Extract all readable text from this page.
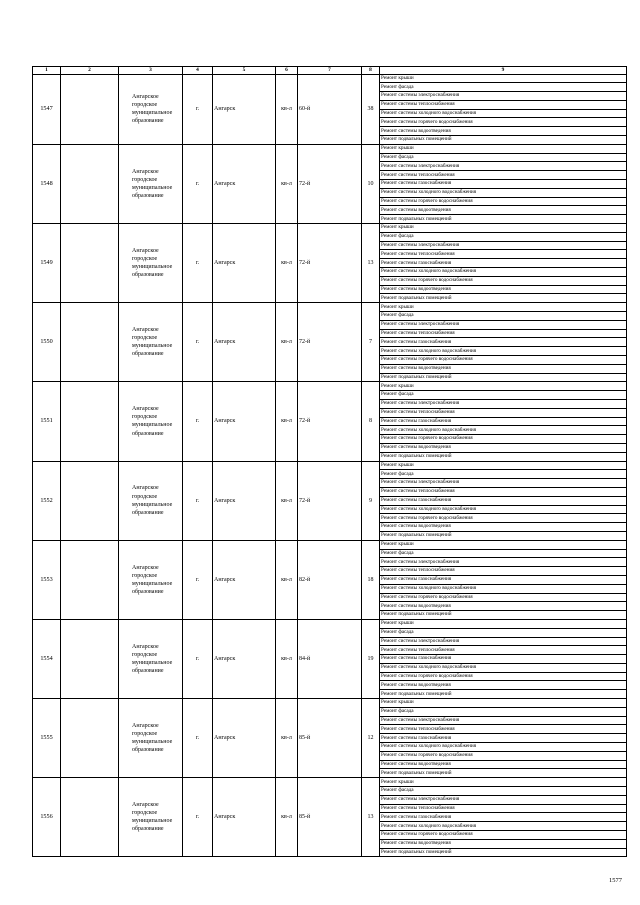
1	2	3	4	5	6	7	8	9
1547		Ангарское городское муниципальное образование	г.	Ангарск	кв-л	60-й	38	Ремонт крыши
								Ремонт фасада
								Ремонт системы электроснабжения
								Ремонт системы теплоснабжения
								Ремонт системы холодного водоснабжения
								Ремонт системы горячего водоснабжения
								Ремонт системы водоотведения
								Ремонт подвальных помещений
1548		Ангарское городское муниципальное образование	г.	Ангарск	кв-л	72-й	10	Ремонт крыши
								Ремонт фасада
								Ремонт системы электроснабжения
								Ремонт системы теплоснабжения
								Ремонт системы газоснабжения
								Ремонт системы холодного водоснабжения
								Ремонт системы горячего водоснабжения
								Ремонт системы водоотведения
								Ремонт подвальных помещений
1549		Ангарское городское муниципальное образование	г.	Ангарск	кв-л	72-й	13	Ремонт крыши
								Ремонт фасада
								Ремонт системы электроснабжения
								Ремонт системы теплоснабжения
								Ремонт системы газоснабжения
								Ремонт системы холодного водоснабжения
								Ремонт системы горячего водоснабжения
								Ремонт системы водоотведения
								Ремонт подвальных помещений
1550		Ангарское городское муниципальное образование	г.	Ангарск	кв-л	72-й	7	Ремонт крыши
								Ремонт фасада
								Ремонт системы электроснабжения
								Ремонт системы теплоснабжения
								Ремонт системы газоснабжения
								Ремонт системы холодного водоснабжения
								Ремонт системы горячего водоснабжения
								Ремонт системы водоотведения
								Ремонт подвальных помещений
1551		Ангарское городское муниципальное образование	г.	Ангарск	кв-л	72-й	8	Ремонт крыши
								Ремонт фасада
								Ремонт системы электроснабжения
								Ремонт системы теплоснабжения
								Ремонт системы газоснабжения
								Ремонт системы холодного водоснабжения
								Ремонт системы горячего водоснабжения
								Ремонт системы водоотведения
								Ремонт подвальных помещений
1552		Ангарское городское муниципальное образование	г.	Ангарск	кв-л	72-й	9	Ремонт крыши
								Ремонт фасада
								Ремонт системы электроснабжения
								Ремонт системы теплоснабжения
								Ремонт системы газоснабжения
								Ремонт системы холодного водоснабжения
								Ремонт системы горячего водоснабжения
								Ремонт системы водоотведения
								Ремонт подвальных помещений
1553		Ангарское городское муниципальное образование	г.	Ангарск	кв-л	82-й	18	Ремонт крыши
								Ремонт фасада
								Ремонт системы электроснабжения
								Ремонт системы теплоснабжения
								Ремонт системы газоснабжения
								Ремонт системы холодного водоснабжения
								Ремонт системы горячего водоснабжения
								Ремонт системы водоотведения
								Ремонт подвальных помещений
1554		Ангарское городское муниципальное образование	г.	Ангарск	кв-л	84-й	19	Ремонт крыши
								Ремонт фасада
								Ремонт системы электроснабжения
								Ремонт системы теплоснабжения
								Ремонт системы газоснабжения
								Ремонт системы холодного водоснабжения
								Ремонт системы горячего водоснабжения
								Ремонт системы водоотведения
								Ремонт подвальных помещений
1555		Ангарское городское муниципальное образование	г.	Ангарск	кв-л	85-й	12	Ремонт крыши
								Ремонт фасада
								Ремонт системы электроснабжения
								Ремонт системы теплоснабжения
								Ремонт системы газоснабжения
								Ремонт системы холодного водоснабжения
								Ремонт системы горячего водоснабжения
								Ремонт системы водоотведения
								Ремонт подвальных помещений
1556		Ангарское городское муниципальное образование	г.	Ангарск	кв-л	85-й	13	Ремонт крыши
								Ремонт фасада
								Ремонт системы электроснабжения
								Ремонт системы теплоснабжения
								Ремонт системы газоснабжения
								Ремонт системы холодного водоснабжения
								Ремонт системы горячего водоснабжения
								Ремонт системы водоотведения
								Ремонт подвальных помещений
1577
